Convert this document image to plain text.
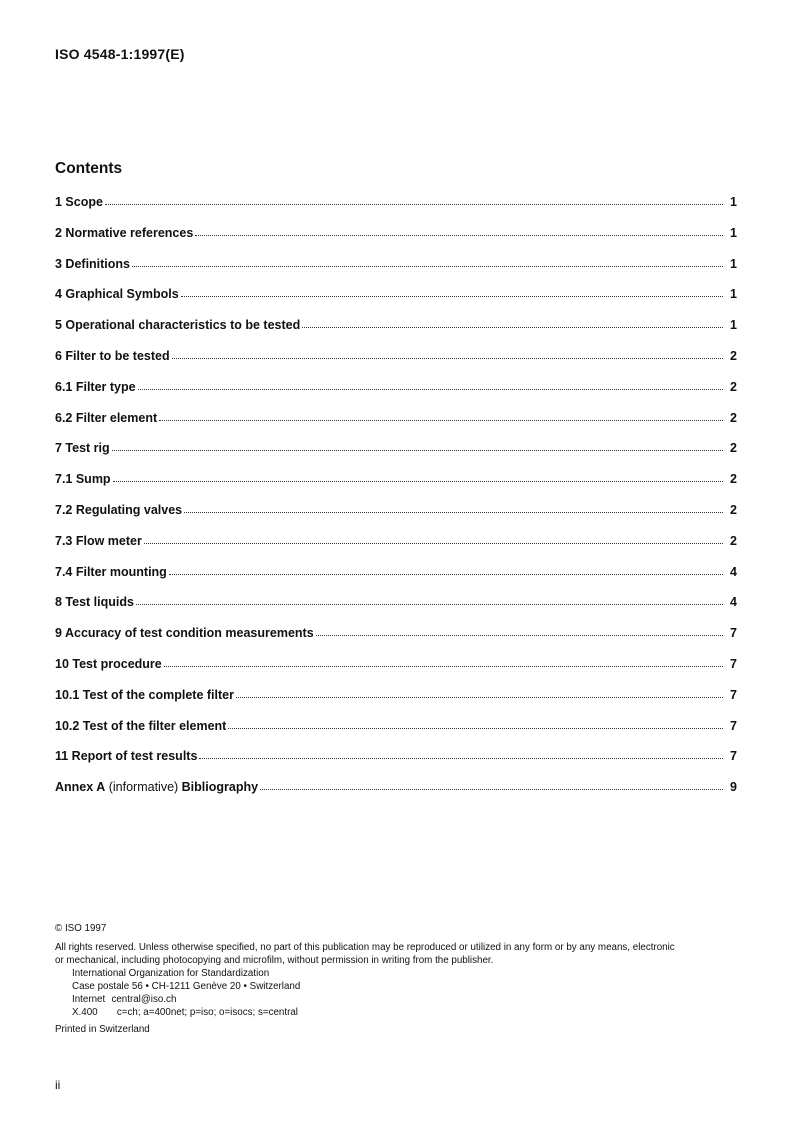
ISO 4548-1:1997(E)
Contents
1 Scope	1
2 Normative references	1
3 Definitions	1
4 Graphical Symbols	1
5 Operational characteristics to be tested	1
6 Filter to be tested	2
6.1 Filter type	2
6.2 Filter element	2
7 Test rig	2
7.1 Sump	2
7.2 Regulating valves	2
7.3 Flow meter	2
7.4 Filter mounting	4
8 Test liquids	4
9 Accuracy of test condition measurements	7
10 Test procedure	7
10.1 Test of the complete filter	7
10.2 Test of the filter element	7
11 Report of test results	7
Annex A (informative) Bibliography	9
© ISO 1997
All rights reserved. Unless otherwise specified, no part of this publication may be reproduced or utilized in any form or by any means, electronic
or mechanical, including photocopying and microfilm, without permission in writing from the publisher.
International Organization for Standardization
Case postale 56 • CH-1211 Genève 20 • Switzerland
Internet central@iso.ch
X.400 c=ch; a=400net; p=iso; o=isocs; s=central
Printed in Switzerland
ii
